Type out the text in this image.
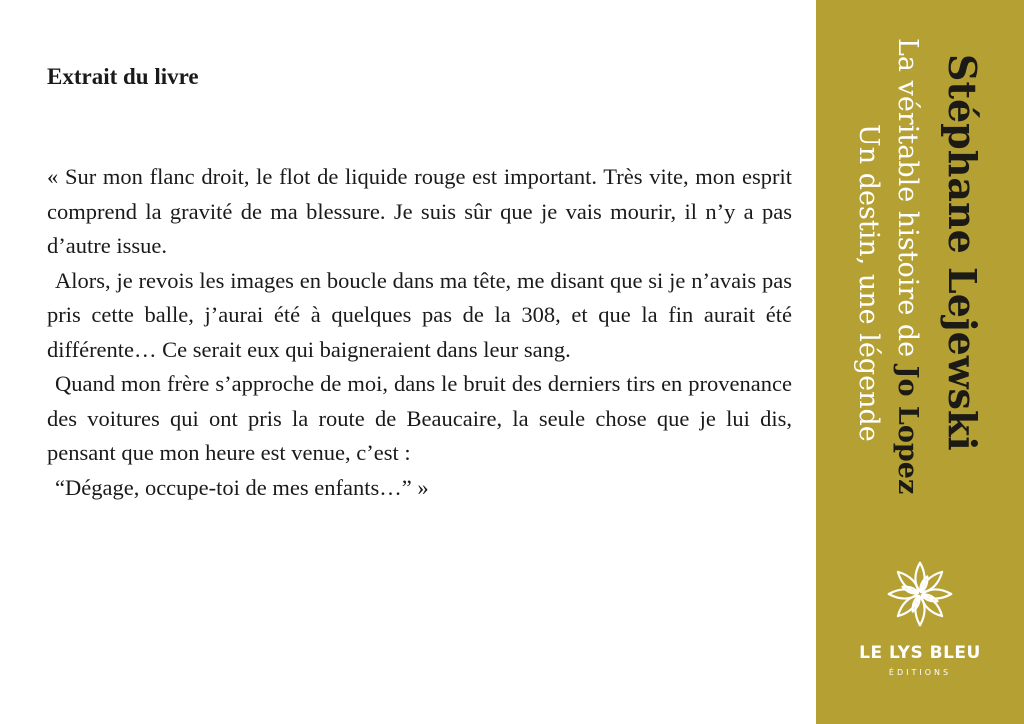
Extrait du livre

« Sur mon flanc droit, le flot de liquide rouge est important. Très vite, mon esprit comprend la gravité de ma blessure. Je suis sûr que je vais mourir, il n’y a pas d’autre issue.

Alors, je revois les images en boucle dans ma tête, me disant que si je n’avais pas pris cette balle, j’aurai été à quelques pas de la 308, et que la fin aurait été différente… Ce serait eux qui baigneraient dans leur sang.

Quand mon frère s’approche de moi, dans le bruit des derniers tirs en provenance des voitures qui ont pris la route de Beaucaire, la seule chose que je lui dis, pensant que mon heure est venue, c’est :

“Dégage, occupe-toi de mes enfants…” »

Stéphane Lejewski
La véritable histoire de Jo Lopez
Un destin, une légende
LE LYS BLEU
ÉDITIONS
